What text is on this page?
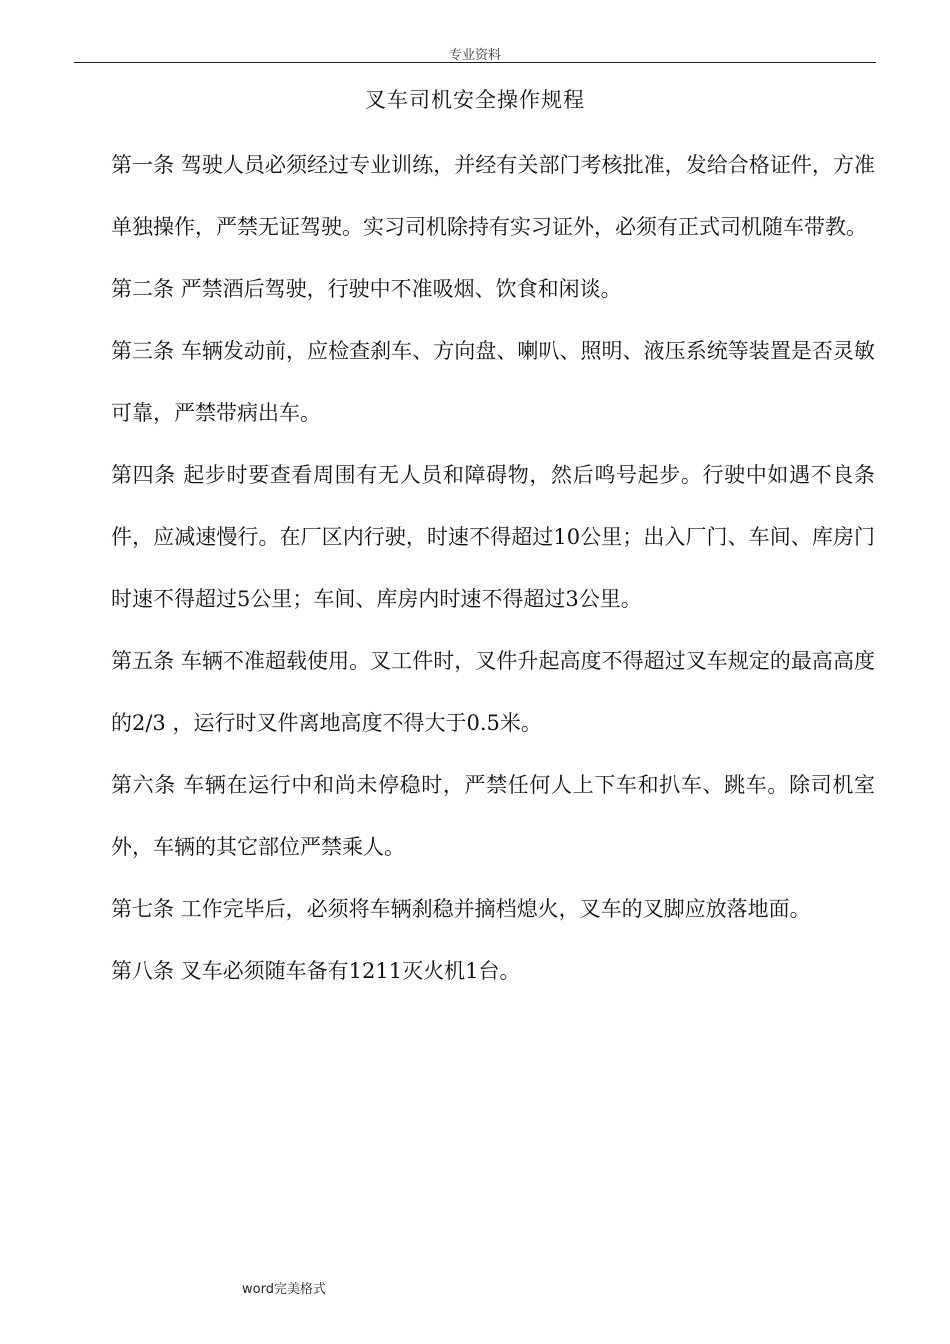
专业资料
叉车司机安全操作规程

第一条 驾驶人员必须经过专业训练，并经有关部门考核批准，发给合格证件，方准单独操作，严禁无证驾驶。实习司机除持有实习证外，必须有正式司机随车带教。

第二条 严禁酒后驾驶，行驶中不准吸烟、饮食和闲谈。

第三条 车辆发动前，应检查刹车、方向盘、喇叭、照明、液压系统等装置是否灵敏可靠，严禁带病出车。

第四条 起步时要查看周围有无人员和障碍物，然后鸣号起步。行驶中如遇不良条件，应减速慢行。在厂区内行驶，时速不得超过10公里；出入厂门、车间、库房门时速不得超过5公里；车间、库房内时速不得超过3公里。

第五条 车辆不准超载使用。叉工件时，叉件升起高度不得超过叉车规定的最高高度的2/3 ，运行时叉件离地高度不得大于0.5米。

第六条 车辆在运行中和尚未停稳时，严禁任何人上下车和扒车、跳车。除司机室外，车辆的其它部位严禁乘人。

第七条 工作完毕后，必须将车辆刹稳并摘档熄火，叉车的叉脚应放落地面。

第八条 叉车必须随车备有1211灭火机1台。

word完美格式
